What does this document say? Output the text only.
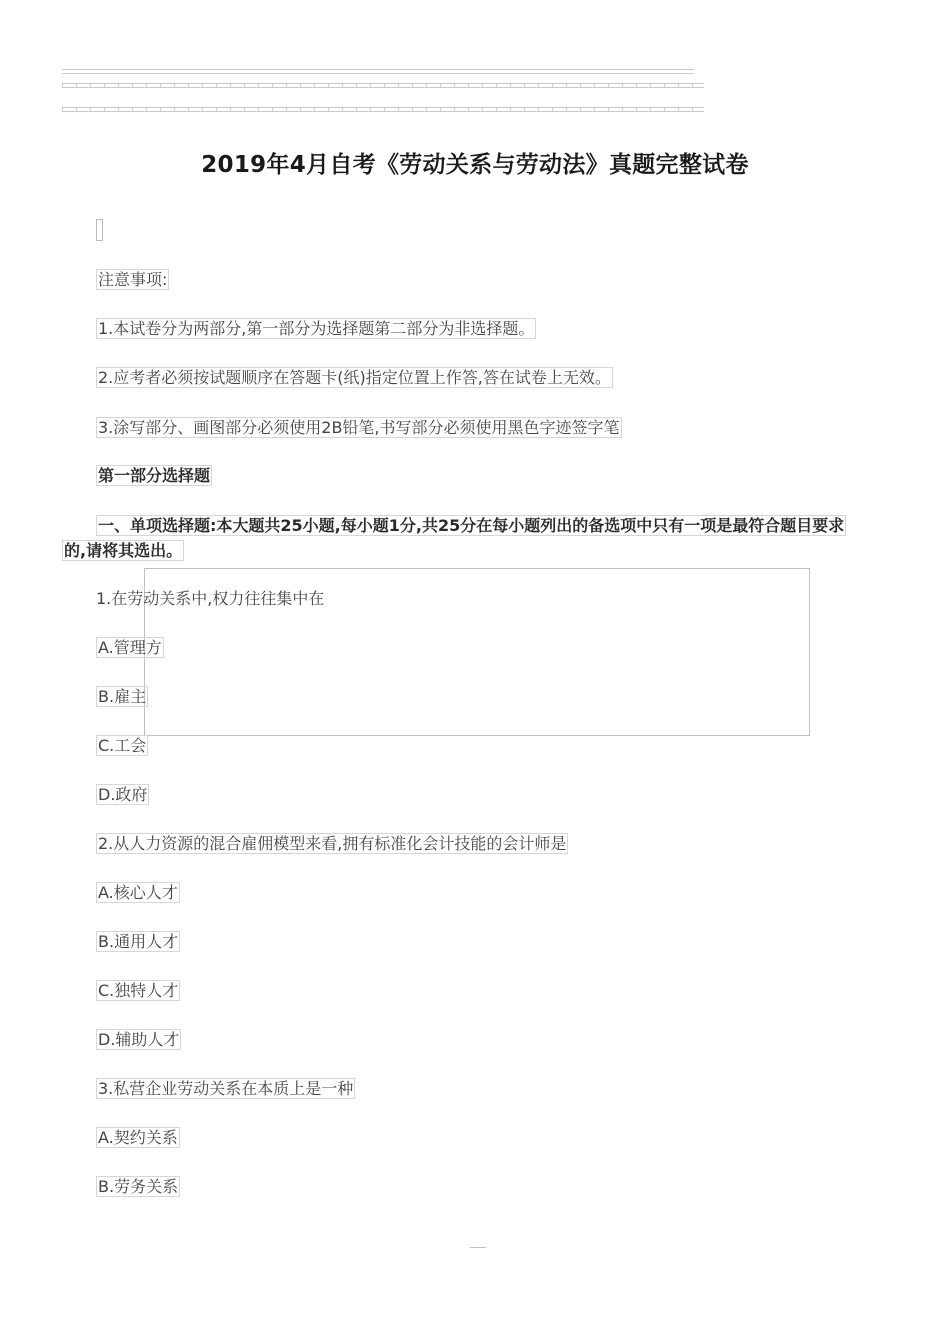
2019年4月自考《劳动关系与劳动法》真题完整试卷
注意事项:
1.本试卷分为两部分,第一部分为选择题第二部分为非选择题。
2.应考者必须按试题顺序在答题卡(纸)指定位置上作答,答在试卷上无效。
3.涂写部分、画图部分必须使用2B铅笔,书写部分必须使用黑色字迹签字笔
第一部分选择题
一、单项选择题:本大题共25小题,每小题1分,共25分在每小题列出的备选项中只有一项是最符合题目要求
的,请将其选出。
1.在劳动关系中,权力往往集中在
A.管理方
B.雇主
C.工会
D.政府
2.从人力资源的混合雇佣模型来看,拥有标准化会计技能的会计师是
A.核心人才
B.通用人才
C.独特人才
D.辅助人才
3.私营企业劳动关系在本质上是一种
A.契约关系
B.劳务关系
